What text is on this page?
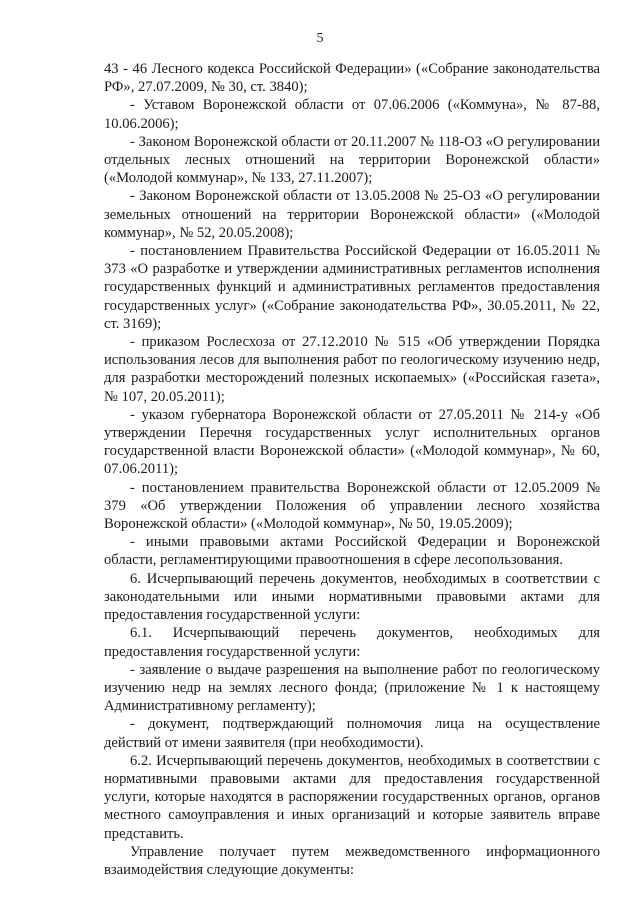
5

43 - 46 Лесного кодекса Российской Федерации» («Собрание законодательства РФ», 27.07.2009, № 30, ст. 3840);

- Уставом Воронежской области от 07.06.2006 («Коммуна», № 87-88, 10.06.2006);

- Законом Воронежской области от 20.11.2007 № 118-ОЗ «О регулировании отдельных лесных отношений на территории Воронежской области» («Молодой коммунар», № 133, 27.11.2007);

- Законом Воронежской области от 13.05.2008 № 25-ОЗ «О регулировании земельных отношений на территории Воронежской области» («Молодой коммунар», № 52, 20.05.2008);

- постановлением Правительства Российской Федерации от 16.05.2011 № 373 «О разработке и утверждении административных регламентов исполнения государственных функций и административных регламентов предоставления государственных услуг» («Собрание законодательства РФ», 30.05.2011, № 22, ст. 3169);

- приказом Рослесхоза от 27.12.2010 № 515 «Об утверждении Порядка использования лесов для выполнения работ по геологическому изучению недр, для разработки месторождений полезных ископаемых» («Российская газета», № 107, 20.05.2011);

- указом губернатора Воронежской области от 27.05.2011 № 214-у «Об утверждении Перечня государственных услуг исполнительных органов государственной власти Воронежской области» («Молодой коммунар», № 60, 07.06.2011);

- постановлением правительства Воронежской области от 12.05.2009 № 379 «Об утверждении Положения об управлении лесного хозяйства Воронежской области» («Молодой коммунар», № 50, 19.05.2009);

- иными правовыми актами Российской Федерации и Воронежской области, регламентирующими правоотношения в сфере лесопользования.

6. Исчерпывающий перечень документов, необходимых в соответствии с законодательными или иными нормативными правовыми актами для предоставления государственной услуги:

6.1. Исчерпывающий перечень документов, необходимых для предоставления государственной услуги:

- заявление о выдаче разрешения на выполнение работ по геологическому изучению недр на землях лесного фонда; (приложение № 1 к настоящему Административному регламенту);

- документ, подтверждающий полномочия лица на осуществление действий от имени заявителя (при необходимости).

6.2. Исчерпывающий перечень документов, необходимых в соответствии с нормативными правовыми актами для предоставления государственной услуги, которые находятся в распоряжении государственных органов, органов местного самоуправления и иных организаций и которые заявитель вправе представить.

Управление получает путем межведомственного информационного взаимодействия следующие документы:
